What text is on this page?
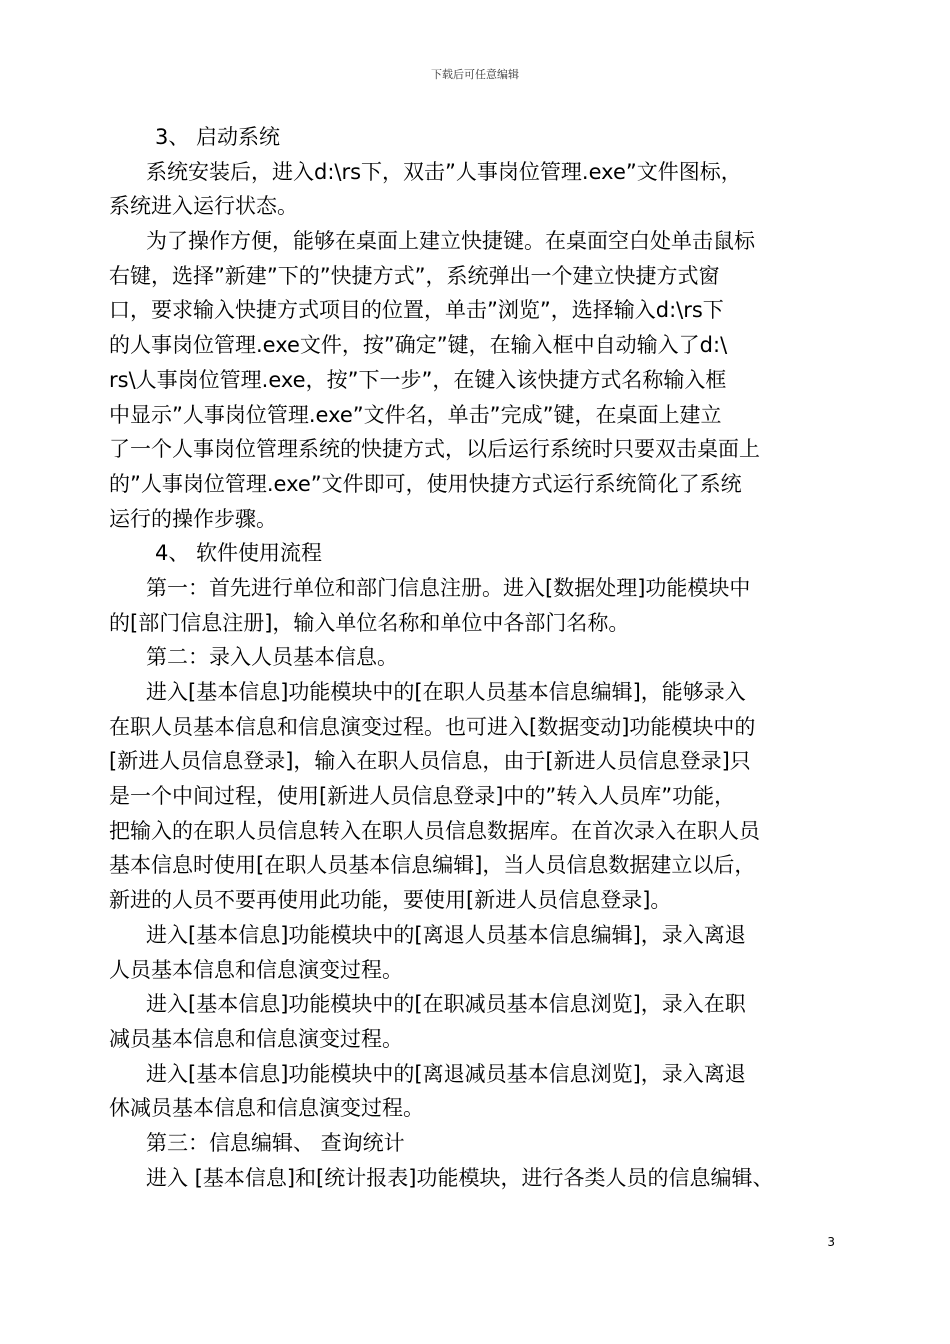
下载后可任意编辑
3、 启动系统
系统安装后，进入d:\rs下，双击”人事岗位管理.exe”文件图标，
系统进入运行状态。
为了操作方便，能够在桌面上建立快捷键。在桌面空白处单击鼠标
右键，选择”新建”下的”快捷方式”，系统弹出一个建立快捷方式窗
口，要求输入快捷方式项目的位置，单击”浏览”，选择输入d:\rs下
的人事岗位管理.exe文件，按”确定”键，在输入框中自动输入了d:\
rs\人事岗位管理.exe，按”下一步”，在键入该快捷方式名称输入框
中显示”人事岗位管理.exe”文件名，单击”完成”键，在桌面上建立
了一个人事岗位管理系统的快捷方式，以后运行系统时只要双击桌面上
的”人事岗位管理.exe”文件即可，使用快捷方式运行系统简化了系统
运行的操作步骤。
4、 软件使用流程
第一：首先进行单位和部门信息注册。进入[数据处理]功能模块中
的[部门信息注册]，输入单位名称和单位中各部门名称。
第二：录入人员基本信息。
进入[基本信息]功能模块中的[在职人员基本信息编辑]，能够录入
在职人员基本信息和信息演变过程。也可进入[数据变动]功能模块中的
[新进人员信息登录]，输入在职人员信息，由于[新进人员信息登录]只
是一个中间过程，使用[新进人员信息登录]中的”转入人员库”功能，
把输入的在职人员信息转入在职人员信息数据库。在首次录入在职人员
基本信息时使用[在职人员基本信息编辑]，当人员信息数据建立以后，
新进的人员不要再使用此功能，要使用[新进人员信息登录]。
进入[基本信息]功能模块中的[离退人员基本信息编辑]，录入离退
人员基本信息和信息演变过程。
进入[基本信息]功能模块中的[在职减员基本信息浏览]，录入在职
减员基本信息和信息演变过程。
进入[基本信息]功能模块中的[离退减员基本信息浏览]，录入离退
休减员基本信息和信息演变过程。
第三：信息编辑、 查询统计
进入 [基本信息]和[统计报表]功能模块，进行各类人员的信息编辑、
3
